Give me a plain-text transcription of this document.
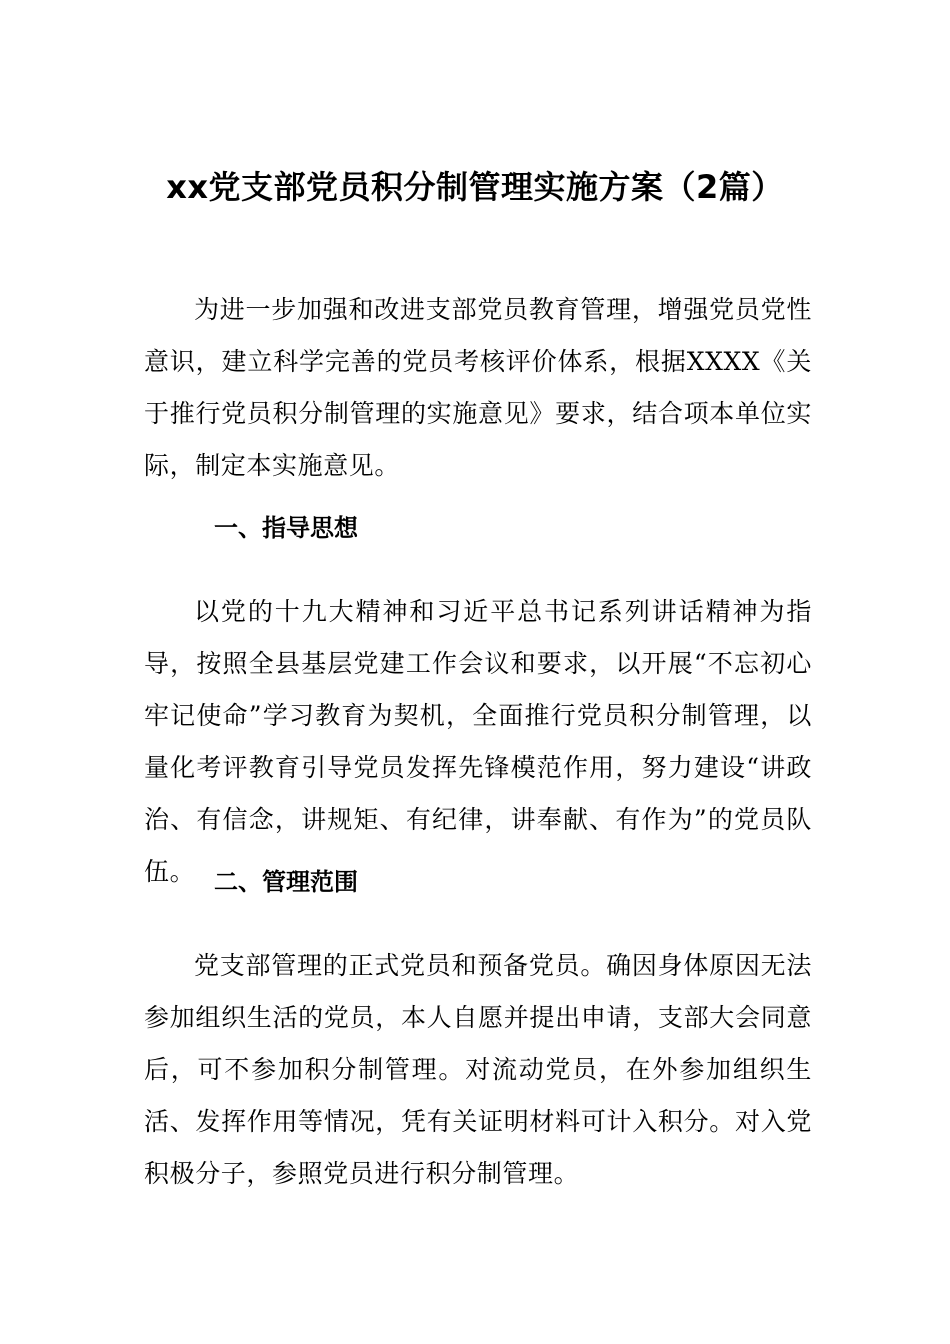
xx党支部党员积分制管理实施方案（2篇）

为进一步加强和改进支部党员教育管理，增强党员党性意识，建立科学完善的党员考核评价体系，根据XXXX《关于推行党员积分制管理的实施意见》要求，结合项本单位实际，制定本实施意见。

一、指导思想

以党的十九大精神和习近平总书记系列讲话精神为指导，按照全县基层党建工作会议和要求，以开展“不忘初心牢记使命”学习教育为契机，全面推行党员积分制管理，以量化考评教育引导党员发挥先锋模范作用，努力建设“讲政治、有信念，讲规矩、有纪律，讲奉献、有作为”的党员队伍。 二、管理范围

党支部管理的正式党员和预备党员。确因身体原因无法参加组织生活的党员，本人自愿并提出申请，支部大会同意后，可不参加积分制管理。对流动党员，在外参加组织生活、发挥作用等情况，凭有关证明材料可计入积分。对入党积极分子，参照党员进行积分制管理。
